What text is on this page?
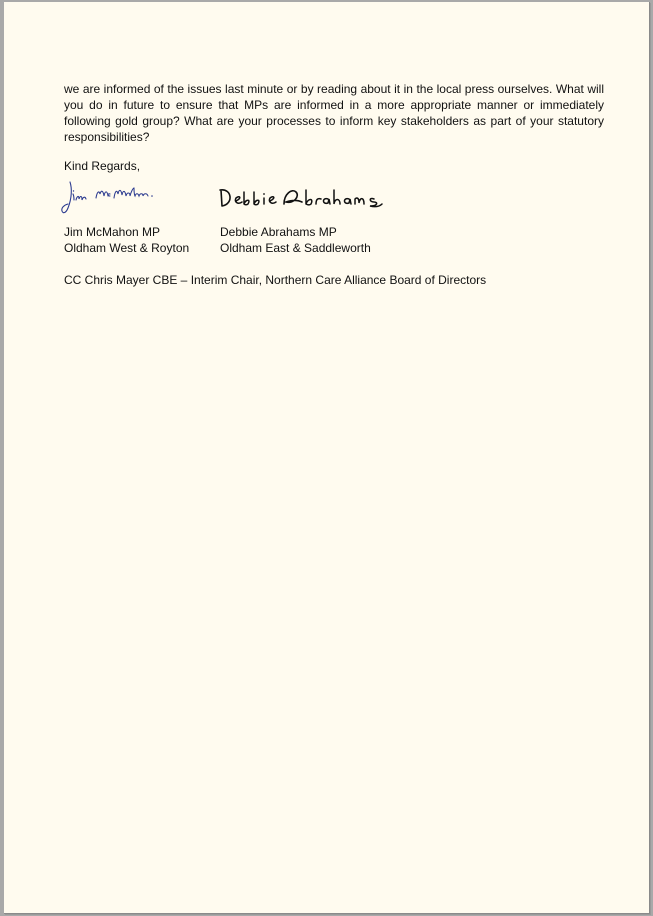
we are informed of the issues last minute or by reading about it in the local press ourselves. What will you do in future to ensure that MPs are informed in a more appropriate manner or immediately following gold group? What are your processes to inform key stakeholders as part of your statutory responsibilities?

Kind Regards,

Jim McMahon MP
Oldham West & Royton
Debbie Abrahams MP
Oldham East & Saddleworth
CC Chris Mayer CBE – Interim Chair, Northern Care Alliance Board of Directors
